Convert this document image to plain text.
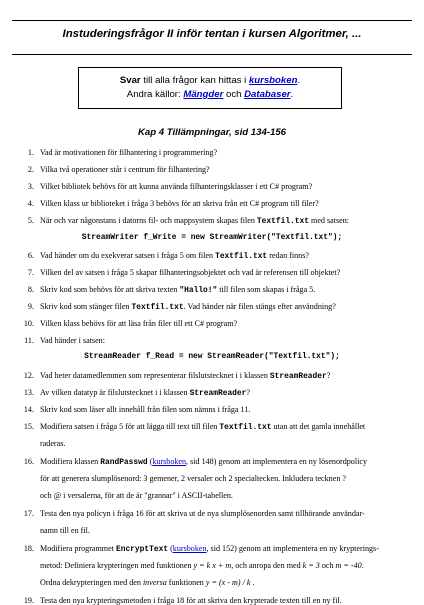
Instuderingsfrågor II inför tentan i kursen Algoritmer, ...
Svar till alla frågor kan hittas i kursboken.
Andra källor: Mängder och Databaser.
Kap 4 Tillämpningar, sid 134-156
1. Vad är motivationen för filhantering i programmering?
2. Vilka två operationer står i centrum för filhantering?
3. Vilket bibliotek behövs för att kunna använda filhanteringsklasser i ett C# program?
4. Vilken klass ur biblioteket i fråga 3 behövs för att skriva från ett C# program till filer?
5. När och var någonstans i datorns fil- och mappsystem skapas filen Textfil.txt med satsen:
StreamWriter f_Write = new StreamWriter("Textfil.txt");
6. Vad händer om du exekverar satsen i fråga 5 om filen Textfil.txt redan finns?
7. Vilken del av satsen i fråga 5 skapar filhanteringsobjektet och vad är referensen till objektet?
8. Skriv kod som behövs för att skriva texten "Hallo!" till filen som skapas i fråga 5.
9. Skriv kod som stänger filen Textfil.txt. Vad händer när filen stängs efter användning?
10. Vilken klass behövs för att läsa från filer till ett C# program?
11. Vad händer i satsen:
StreamReader f_Read = new StreamReader("Textfil.txt");
12. Vad heter datamedlemmen som representerar filslutstecknet i i klassen StreamReader?
13. Av vilken datatyp är filslutstecknet i i klassen StreamReader?
14. Skriv kod som läser allt innehåll från filen som nämns i fråga 11.
15. Modifiera satsen i fråga 5 för att lägga till text till filen Textfil.txt utan att det gamla innehållet
raderas.
16. Modifiera klassen RandPasswd (kursboken, sid 148) genom att implementera en ny lösenordpolicy
för att generera slumplösenord: 3 gemener, 2 versaler och 2 specialtecken. Inkludera tecknen ?
och @ i versalerna, för att de är "grannar" i ASCII-tabellen.
17. Testa den nya policyn i fråga 16 för att skriva ut de nya slumplösenorden samt tillhörande användar-
namn till en fil.
18. Modifiera programmet EncryptText (kursboken, sid 152) genom att implementera en ny krypterings-
metod: Definiera krypteringen med funktionen y = k x + m, och anropa den med k = 3 och m = -40.
Ordna dekrypteringen med den inversa funktionen y = (x - m) / k .
19. Testa den nya krypteringsmetoden i fråga 18 för att skriva den krypterade texten till en ny fil.
